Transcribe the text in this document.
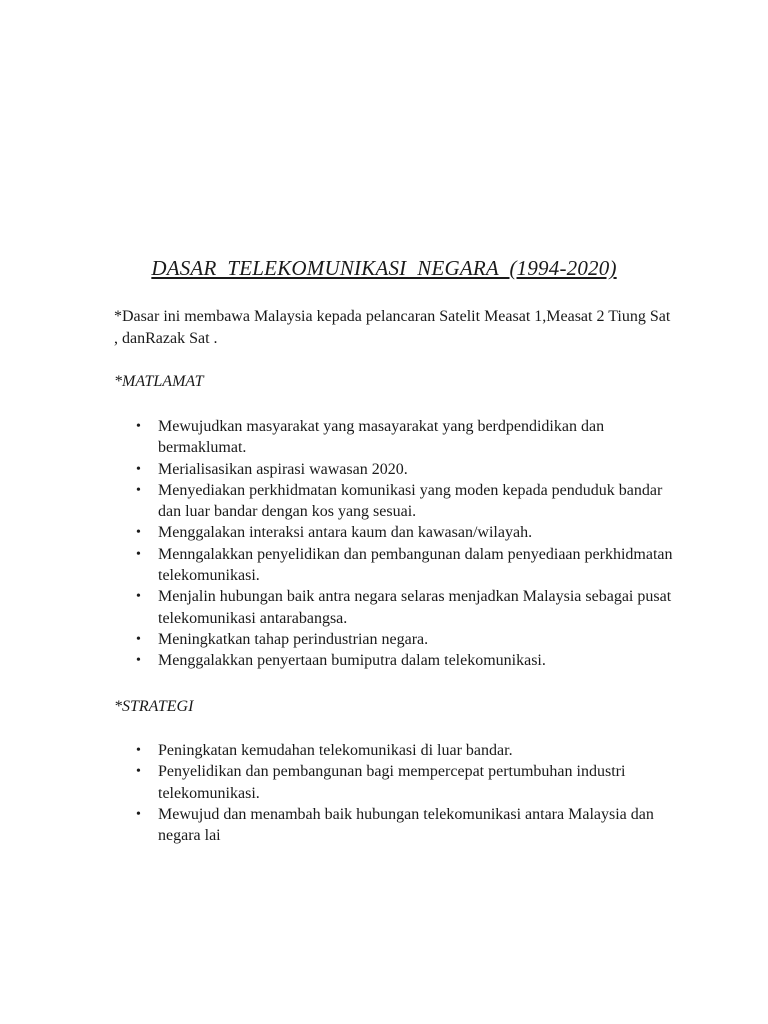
DASAR  TELEKOMUNIKASI  NEGARA  (1994-2020)
*Dasar ini membawa Malaysia kepada pelancaran Satelit Measat 1,Measat 2 Tiung Sat , danRazak Sat .
*MATLAMAT
•	Mewujudkan masyarakat yang masayarakat yang berdpendidikan dan bermaklumat.
•	Merialisasikan aspirasi wawasan 2020.
•	Menyediakan perkhidmatan komunikasi yang moden kepada penduduk bandar dan luar bandar dengan kos yang sesuai.
•	Menggalakan interaksi antara kaum dan kawasan/wilayah.
•	Menngalakkan penyelidikan dan pembangunan dalam penyediaan perkhidmatan telekomunikasi.
•	Menjalin hubungan baik antra negara selaras menjadkan Malaysia sebagai pusat telekomunikasi antarabangsa.
•	Meningkatkan tahap perindustrian negara.
•	Menggalakkan penyertaan bumiputra dalam telekomunikasi.
*STRATEGI
•	Peningkatan kemudahan telekomunikasi di luar bandar.
•	Penyelidikan dan pembangunan bagi mempercepat pertumbuhan industri telekomunikasi.
•	Mewujud dan menambah baik hubungan telekomunikasi antara Malaysia dan negara lai
